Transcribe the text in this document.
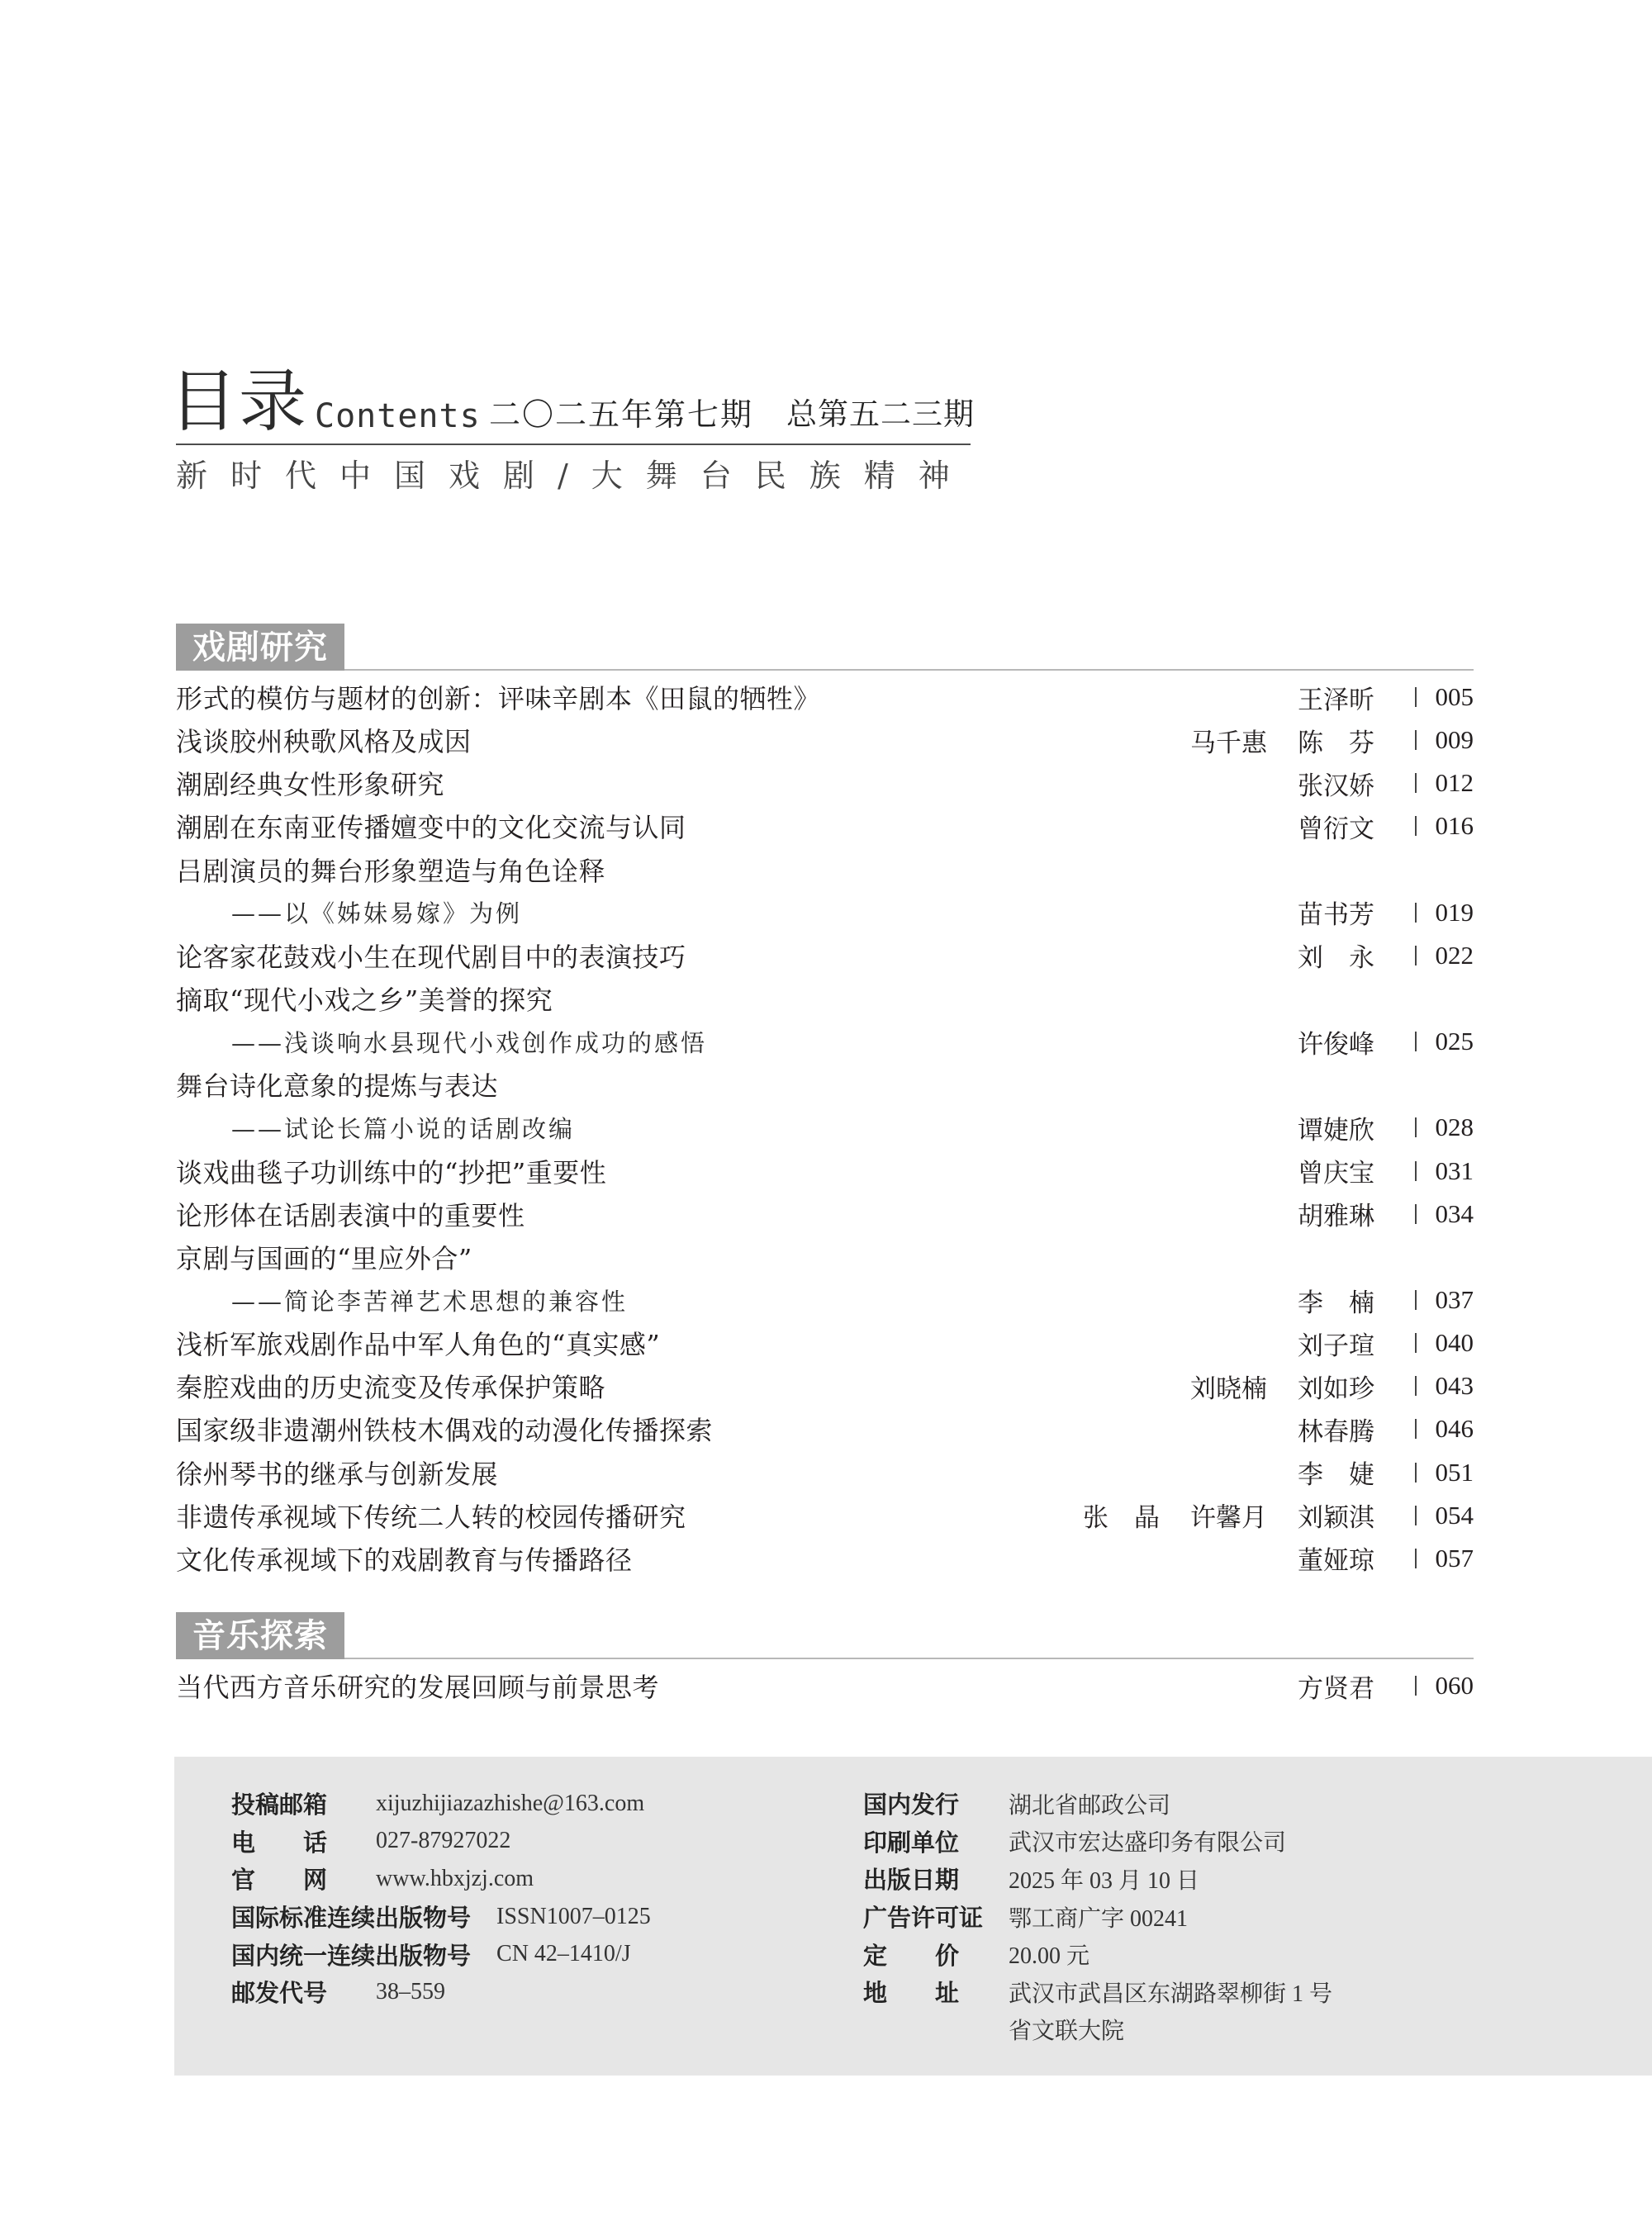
目录 Contents 二〇二五年第七期 总第五二三期
新时代中国戏剧/大舞台民族精神
戏剧研究
形式的模仿与题材的创新：评味辛剧本《田鼠的牺牲》	王泽昕 005
浅谈胶州秧歌风格及成因	马千惠 陈 芬 009
潮剧经典女性形象研究	张汉娇 012
潮剧在东南亚传播嬗变中的文化交流与认同	曾衍文 016
吕剧演员的舞台形象塑造与角色诠释
——以《姊妹易嫁》为例	苗书芳 019
论客家花鼓戏小生在现代剧目中的表演技巧	刘 永 022
摘取“现代小戏之乡”美誉的探究
——浅谈响水县现代小戏创作成功的感悟	许俊峰 025
舞台诗化意象的提炼与表达
——试论长篇小说的话剧改编	谭婕欣 028
谈戏曲毯子功训练中的“抄把”重要性	曾庆宝 031
论形体在话剧表演中的重要性	胡雅琳 034
京剧与国画的“里应外合”
——简论李苦禅艺术思想的兼容性	李 楠 037
浅析军旅戏剧作品中军人角色的“真实感”	刘子瑄 040
秦腔戏曲的历史流变及传承保护策略	刘晓楠 刘如珍 043
国家级非遗潮州铁枝木偶戏的动漫化传播探索	林春腾 046
徐州琴书的继承与创新发展	李 婕 051
非遗传承视域下传统二人转的校园传播研究	张 晶 许馨月 刘颖淇 054
文化传承视域下的戏剧教育与传播路径	董娅琼 057
音乐探索
当代西方音乐研究的发展回顾与前景思考	方贤君 060
投稿邮箱	xijuzhijiazazhishe@163.com
电　　话	027-87927022
官　　网	www.hbxjzj.com
国际标准连续出版物号 ISSN1007–0125
国内统一连续出版物号 CN 42–1410/J
邮发代号	38–559
国内发行	湖北省邮政公司
印刷单位	武汉市宏达盛印务有限公司
出版日期	2025 年 03 月 10 日
广告许可证 鄂工商广字 00241
定　　价	20.00 元
地　　址	武汉市武昌区东湖路翠柳街 1 号
省文联大院
